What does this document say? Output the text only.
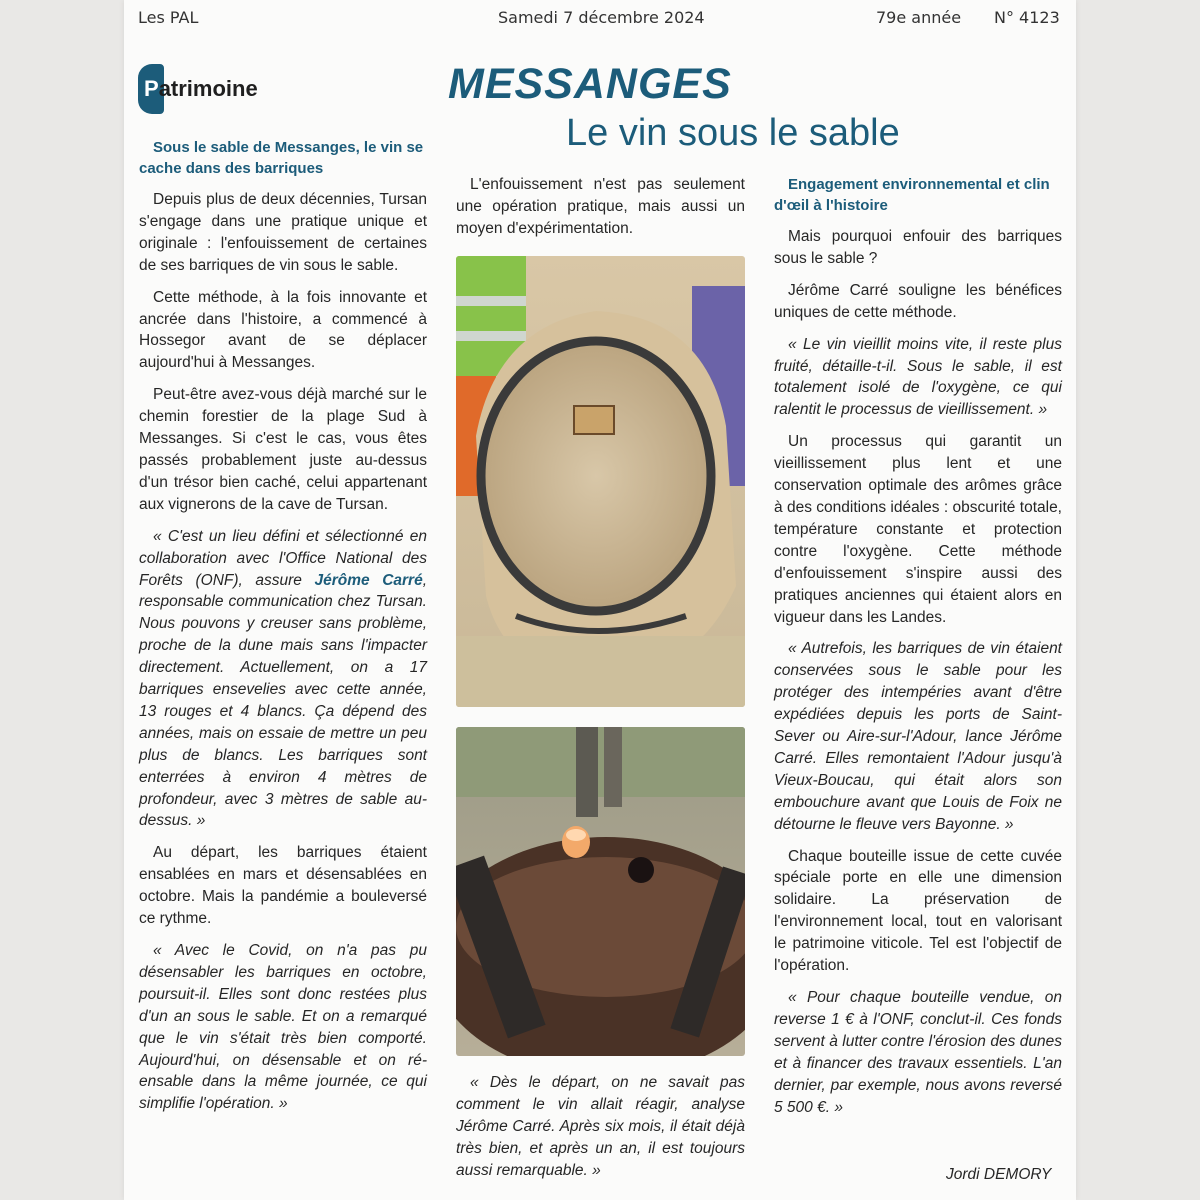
Les PAL	Samedi 7 décembre 2024	79e année N° 4123
Patrimoine	MESSANGES
Le vin sous le sable
Sous le sable de Messanges, le vin se cache dans des barriques

Depuis plus de deux décennies, Tursan s'engage dans une pratique unique et originale : l'enfouissement de certaines de ses barriques de vin sous le sable.

Cette méthode, à la fois innovante et ancrée dans l'histoire, a commencé à Hossegor avant de se déplacer aujourd'hui à Messanges.

Peut-être avez-vous déjà marché sur le chemin forestier de la plage Sud à Messanges. Si c'est le cas, vous êtes passés probablement juste au-dessus d'un trésor bien caché, celui appartenant aux vignerons de la cave de Tursan.

« C'est un lieu défini et sélectionné en collaboration avec l'Office National des Forêts (ONF), assure Jérôme Carré, responsable communication chez Tursan. Nous pouvons y creuser sans problème, proche de la dune mais sans l'impacter directement. Actuellement, on a 17 barriques ensevelies avec cette année, 13 rouges et 4 blancs. Ça dépend des années, mais on essaie de mettre un peu plus de blancs. Les barriques sont enterrées à environ 4 mètres de profondeur, avec 3 mètres de sable au-dessus. »

Au départ, les barriques étaient ensablées en mars et désensablées en octobre. Mais la pandémie a bouleversé ce rythme.

« Avec le Covid, on n'a pas pu désensabler les barriques en octobre, poursuit-il. Elles sont donc restées plus d'un an sous le sable. Et on a remarqué que le vin s'était très bien comporté. Aujourd'hui, on désensable et on ré-ensable dans la même journée, ce qui simplifie l'opération. »

L'enfouissement n'est pas seulement une opération pratique, mais aussi un moyen d'expérimentation.

« Dès le départ, on ne savait pas comment le vin allait réagir, analyse Jérôme Carré. Après six mois, il était déjà très bien, et après un an, il est toujours aussi remarquable. »

Engagement environnemental et clin d'œil à l'histoire

Mais pourquoi enfouir des barriques sous le sable ?

Jérôme Carré souligne les bénéfices uniques de cette méthode.

« Le vin vieillit moins vite, il reste plus fruité, détaille-t-il. Sous le sable, il est totalement isolé de l'oxygène, ce qui ralentit le processus de vieillissement. »

Un processus qui garantit un vieillissement plus lent et une conservation optimale des arômes grâce à des conditions idéales : obscurité totale, température constante et protection contre l'oxygène. Cette méthode d'enfouissement s'inspire aussi des pratiques anciennes qui étaient alors en vigueur dans les Landes.

« Autrefois, les barriques de vin étaient conservées sous le sable pour les protéger des intempéries avant d'être expédiées depuis les ports de Saint-Sever ou Aire-sur-l'Adour, lance Jérôme Carré. Elles remontaient l'Adour jusqu'à Vieux-Boucau, qui était alors son embouchure avant que Louis de Foix ne détourne le fleuve vers Bayonne. »

Chaque bouteille issue de cette cuvée spéciale porte en elle une dimension solidaire. La préservation de l'environnement local, tout en valorisant le patrimoine viticole. Tel est l'objectif de l'opération.

« Pour chaque bouteille vendue, on reverse 1 € à l'ONF, conclut-il. Ces fonds servent à lutter contre l'érosion des dunes et à financer des travaux essentiels. L'an dernier, par exemple, nous avons reversé 5 500 €. »

Jordi DEMORY
